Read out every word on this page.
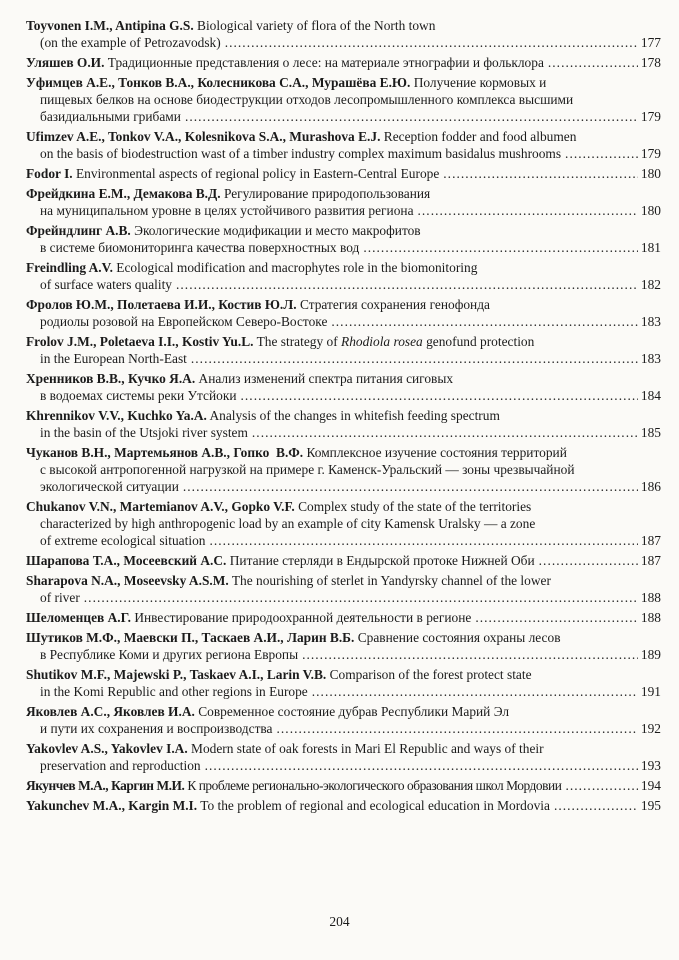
Toyvonen I.M., Antipina G.S. Biological variety of flora of the North town
(on the example of Petrozavodsk) .....	177
Уляшев О.И. Традиционные представления о лесе: на материале этнографии и фольклора .....	178
Уфимцев А.Е., Тонков В.А., Колесникова С.А., Мурашёва Е.Ю. Получение кормовых и
пищевых белков на основе биодеструкции отходов лесопромышленного комплекса высшими
базидиальными грибами .....	179
Ufimzev A.E., Tonkov V.A., Kolesnikova S.A., Murashova E.J. Reception fodder and food albumen
on the basis of biodestruction wast of a timber industry complex maximum basidalus mushrooms .....	179
Fodor I. Environmental aspects of regional policy in Eastern-Central Europe .....	180
Фрейдкина Е.М., Демакова В.Д. Регулирование природопользования
на муниципальном уровне в целях устойчивого развития региона .....	180
Фрейндлинг А.В. Экологические модификации и место макрофитов
в системе биомониторинга качества поверхностных вод .....	181
Freindling A.V. Ecological modification and macrophytes role in the biomonitoring
of surface waters quality .....	182
Фролов Ю.М., Полетаева И.И., Костив Ю.Л. Стратегия сохранения генофонда
родиолы розовой на Европейском Северо-Востоке .....	183
Frolov J.M., Poletaeva I.I., Kostiv Yu.L. The strategy of Rhodiola rosea genofund protection
in the European North-East .....	183
Хренников В.В., Кучко Я.А. Анализ изменений спектра питания сиговых
в водоемах системы реки Утсйоки .....	184
Khrennikov V.V., Kuchko Ya.A. Analysis of the changes in whitefish feeding spectrum
in the basin of the Utsjoki river system .....	185
Чуканов В.Н., Мартемьянов А.В., Гопко  В.Ф. Комплексное изучение состояния территорий
с высокой антропогенной нагрузкой на примере г. Каменск-Уральский — зоны чрезвычайной
экологической ситуации .....	186
Chukanov V.N., Martemianov A.V., Gopko V.F. Complex study of the state of the territories
characterized by high anthropogenic load by an example of city Kamensk Uralsky — a zone
of extreme ecological situation .....	187
Шарапова Т.А., Мосеевский А.С. Питание стерляди в Ендырской протоке Нижней Оби .....	187
Sharapova N.A., Moseevsky A.S.M. The nourishing of sterlet in Yandyrsky channel of the lower
of river .....	188
Шеломенцев А.Г. Инвестирование природоохранной деятельности в регионе .....	188
Шутиков М.Ф., Маевски П., Таскаев А.И., Ларин В.Б. Сравнение состояния охраны лесов
в Республике Коми и других региона Европы .....	189
Shutikov M.F., Majewski P., Taskaev A.I., Larin V.B. Comparison of the forest protect state
in the Komi Republic and other regions in Europe .....	191
Яковлев А.С., Яковлев И.А. Современное состояние дубрав Республики Марий Эл
и пути их сохранения и воспроизводства .....	192
Yakovlev A.S., Yakovlev I.A. Modern state of oak forests in Mari El Republic and ways of their
preservation and reproduction .....	193
Якунчев М.А., Каргин М.И. К проблеме регионально-экологического образования школ Мордовии .....	194
Yakunchev M.A., Kargin M.I. To the problem of regional and ecological education in Mordovia .....	195
204
